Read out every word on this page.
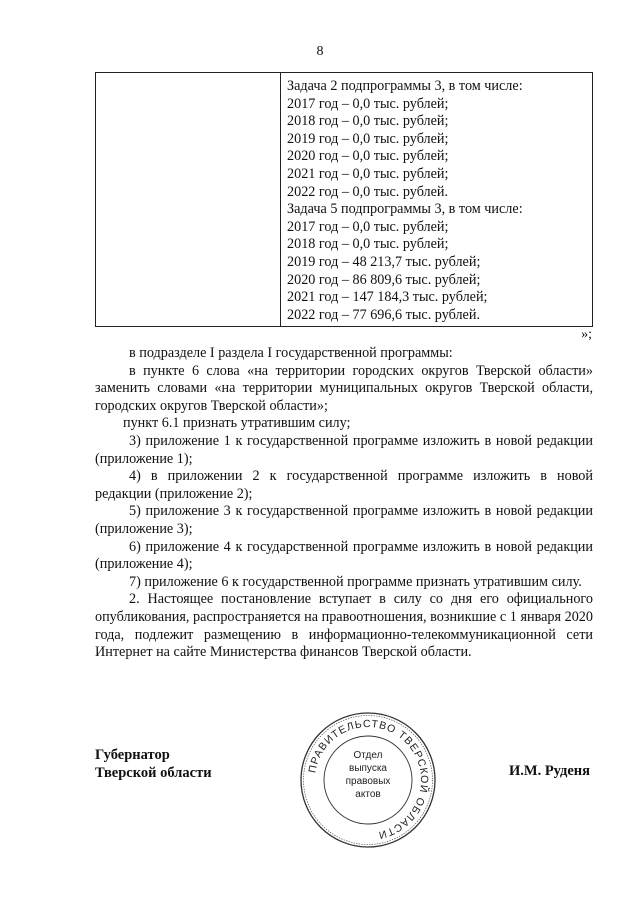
8
Задача 2 подпрограммы 3, в том числе:
2017 год – 0,0 тыс. рублей;
2018 год – 0,0 тыс. рублей;
2019 год – 0,0 тыс. рублей;
2020 год – 0,0 тыс. рублей;
2021 год – 0,0 тыс. рублей;
2022 год – 0,0 тыс. рублей.
Задача 5 подпрограммы 3, в том числе:
2017 год – 0,0 тыс. рублей;
2018 год – 0,0 тыс. рублей;
2019 год – 48 213,7 тыс. рублей;
2020 год – 86 809,6 тыс. рублей;
2021 год – 147 184,3 тыс. рублей;
2022 год – 77 696,6 тыс. рублей.
»;

в подразделе I раздела I государственной программы:

в пункте 6 слова «на территории городских округов Тверской области» заменить словами «на территории муниципальных округов Тверской области, городских округов Тверской области»;

пункт 6.1 признать утратившим силу;

3) приложение 1 к государственной программе изложить в новой редакции (приложение 1);

4) в приложении 2 к государственной программе изложить в новой редакции (приложение 2);

5) приложение 3 к государственной программе изложить в новой редакции (приложение 3);

6) приложение 4 к государственной программе изложить в новой редакции (приложение 4);

7) приложение 6 к государственной программе признать утратившим силу.

2. Настоящее постановление вступает в силу со дня его официального опубликования, распространяется на правоотношения, возникшие с 1 января 2020 года, подлежит размещению в информационно-телекоммуникационной сети Интернет на сайте Министерства финансов Тверской области.

Губернатор
Тверской области	И.М. Руденя
ПРАВИТЕЛЬСТВО ТВЕРСКОЙ ОБЛАСТИ
Отдел
выпуска
правовых
актов
